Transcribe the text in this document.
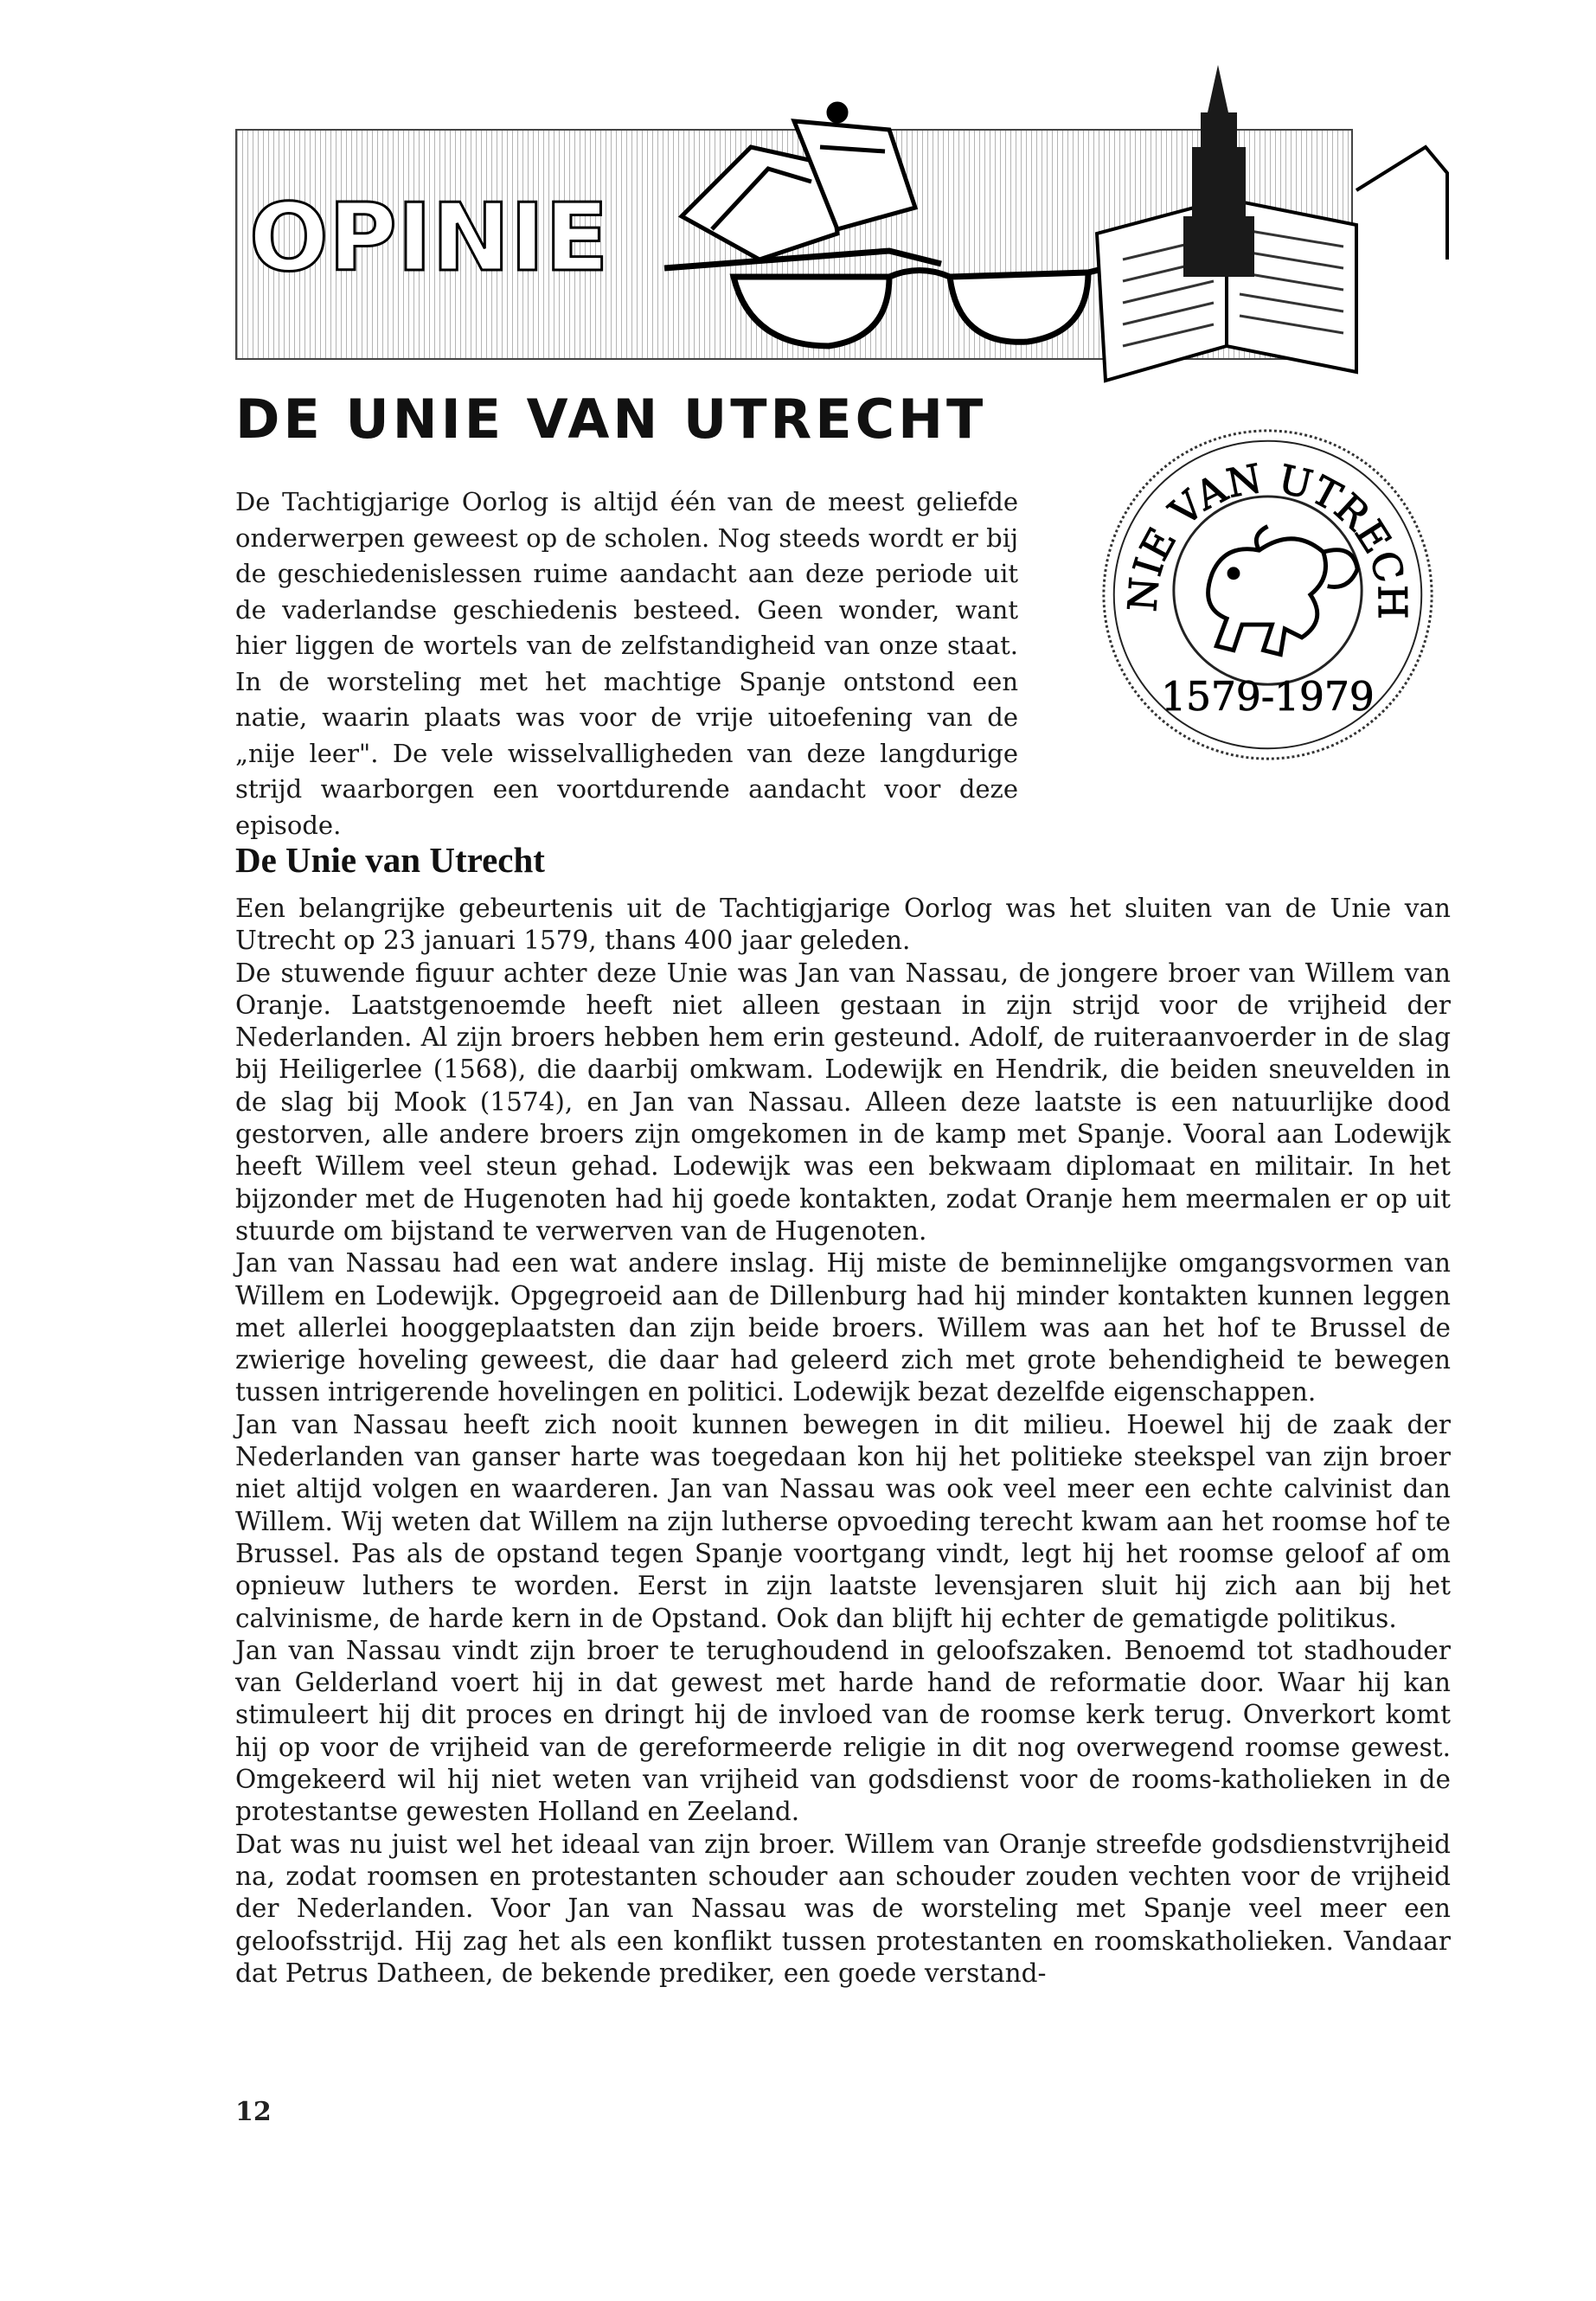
OPINIE
DE UNIE VAN UTRECHT

De Tachtigjarige Oorlog is altijd één van de meest geliefde onderwerpen geweest op de scholen. Nog steeds wordt er bij de geschiedenislessen ruime aandacht aan deze periode uit de vaderlandse geschiedenis besteed. Geen wonder, want hier liggen de wortels van de zelfstandigheid van onze staat. In de worsteling met het machtige Spanje ontstond een natie, waarin plaats was voor de vrije uitoefening van de „nije leer". De vele wisselvalligheden van deze langdurige strijd waarborgen een voortdurende aandacht voor deze episode.

NIE VAN UTRECH
1579-1979
De Unie van Utrecht

Een belangrijke gebeurtenis uit de Tachtigjarige Oorlog was het sluiten van de Unie van Utrecht op 23 januari 1579, thans 400 jaar geleden.

De stuwende figuur achter deze Unie was Jan van Nassau, de jongere broer van Willem van Oranje. Laatstgenoemde heeft niet alleen gestaan in zijn strijd voor de vrijheid der Nederlanden. Al zijn broers hebben hem erin gesteund. Adolf, de ruiteraanvoerder in de slag bij Heiligerlee (1568), die daarbij omkwam. Lodewijk en Hendrik, die beiden sneuvelden in de slag bij Mook (1574), en Jan van Nassau. Alleen deze laatste is een natuurlijke dood gestorven, alle andere broers zijn omgekomen in de kamp met Spanje. Vooral aan Lodewijk heeft Willem veel steun gehad. Lodewijk was een bekwaam diplomaat en militair. In het bijzonder met de Hugenoten had hij goede kontakten, zodat Oranje hem meermalen er op uit stuurde om bijstand te verwerven van de Hugenoten.

Jan van Nassau had een wat andere inslag. Hij miste de beminnelijke omgangsvormen van Willem en Lodewijk. Opgegroeid aan de Dillenburg had hij minder kontakten kunnen leggen met allerlei hooggeplaatsten dan zijn beide broers. Willem was aan het hof te Brussel de zwierige hoveling geweest, die daar had geleerd zich met grote behendigheid te bewegen tussen intrigerende hovelingen en politici. Lodewijk bezat dezelfde eigenschappen.

Jan van Nassau heeft zich nooit kunnen bewegen in dit milieu. Hoewel hij de zaak der Nederlanden van ganser harte was toegedaan kon hij het politieke steekspel van zijn broer niet altijd volgen en waarderen. Jan van Nassau was ook veel meer een echte calvinist dan Willem. Wij weten dat Willem na zijn lutherse opvoeding terecht kwam aan het roomse hof te Brussel. Pas als de opstand tegen Spanje voortgang vindt, legt hij het roomse geloof af om opnieuw luthers te worden. Eerst in zijn laatste levensjaren sluit hij zich aan bij het calvinisme, de harde kern in de Opstand. Ook dan blijft hij echter de gematigde politikus.

Jan van Nassau vindt zijn broer te terughoudend in geloofszaken. Benoemd tot stadhouder van Gelderland voert hij in dat gewest met harde hand de reformatie door. Waar hij kan stimuleert hij dit proces en dringt hij de invloed van de roomse kerk terug. Onverkort komt hij op voor de vrijheid van de gereformeerde religie in dit nog overwegend roomse gewest. Omgekeerd wil hij niet weten van vrijheid van godsdienst voor de rooms-katholieken in de protestantse gewesten Holland en Zeeland.

Dat was nu juist wel het ideaal van zijn broer. Willem van Oranje streefde godsdienstvrijheid na, zodat roomsen en protestanten schouder aan schouder zouden vechten voor de vrijheid der Nederlanden. Voor Jan van Nassau was de worsteling met Spanje veel meer een geloofsstrijd. Hij zag het als een konflikt tussen protestanten en roomskatholieken. Vandaar dat Petrus Datheen, de bekende prediker, een goede verstand-

12
